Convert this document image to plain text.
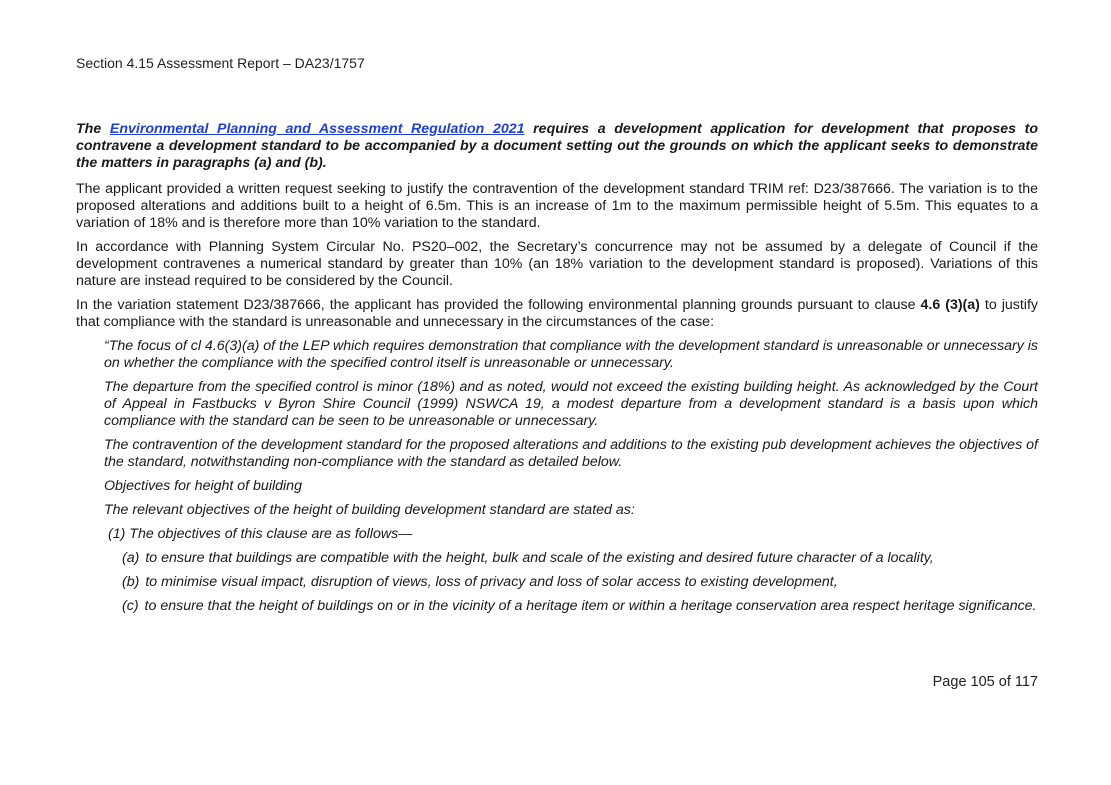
Section 4.15 Assessment Report – DA23/1757

The Environmental Planning and Assessment Regulation 2021 requires a development application for development that proposes to contravene a development standard to be accompanied by a document setting out the grounds on which the applicant seeks to demonstrate the matters in paragraphs (a) and (b).

The applicant provided a written request seeking to justify the contravention of the development standard TRIM ref: D23/387666. The variation is to the proposed alterations and additions built to a height of 6.5m. This is an increase of 1m to the maximum permissible height of 5.5m. This equates to a variation of 18% and is therefore more than 10% variation to the standard.

In accordance with Planning System Circular No. PS20–002, the Secretary’s concurrence may not be assumed by a delegate of Council if the development contravenes a numerical standard by greater than 10% (an 18% variation to the development standard is proposed). Variations of this nature are instead required to be considered by the Council.

In the variation statement D23/387666, the applicant has provided the following environmental planning grounds pursuant to clause 4.6 (3)(a) to justify that compliance with the standard is unreasonable and unnecessary in the circumstances of the case:

“The focus of cl 4.6(3)(a) of the LEP which requires demonstration that compliance with the development standard is unreasonable or unnecessary is on whether the compliance with the specified control itself is unreasonable or unnecessary.

The departure from the specified control is minor (18%) and as noted, would not exceed the existing building height. As acknowledged by the Court of Appeal in Fastbucks v Byron Shire Council (1999) NSWCA 19, a modest departure from a development standard is a basis upon which compliance with the standard can be seen to be unreasonable or unnecessary.

The contravention of the development standard for the proposed alterations and additions to the existing pub development achieves the objectives of the standard, notwithstanding non-compliance with the standard as detailed below.

Objectives for height of building

The relevant objectives of the height of building development standard are stated as:

(1) The objectives of this clause are as follows—

(a) to ensure that buildings are compatible with the height, bulk and scale of the existing and desired future character of a locality,

(b) to minimise visual impact, disruption of views, loss of privacy and loss of solar access to existing development,

(c) to ensure that the height of buildings on or in the vicinity of a heritage item or within a heritage conservation area respect heritage significance.

Page 105 of 117
